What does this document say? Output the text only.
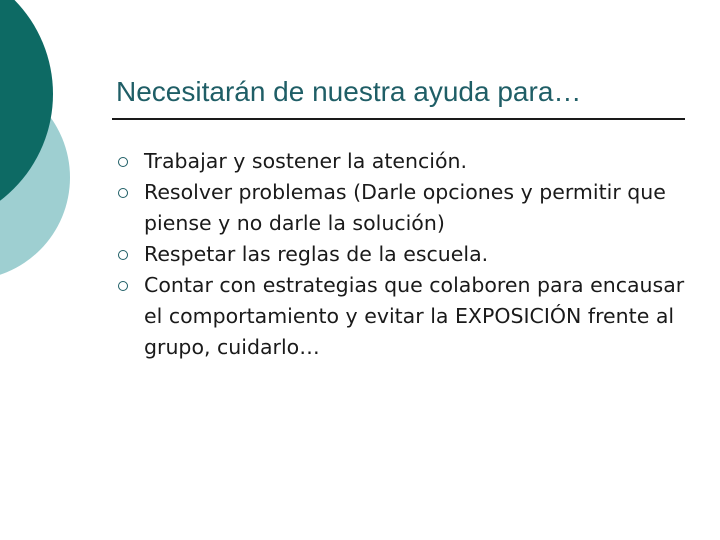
Necesitarán de nuestra ayuda para…
Trabajar y sostener la atención.
Resolver problemas (Darle opciones y permitir que piense y no darle la solución)
Respetar las reglas de la escuela.
Contar con estrategias que colaboren para encausar el comportamiento y evitar la EXPOSICIÓN frente al grupo, cuidarlo…
